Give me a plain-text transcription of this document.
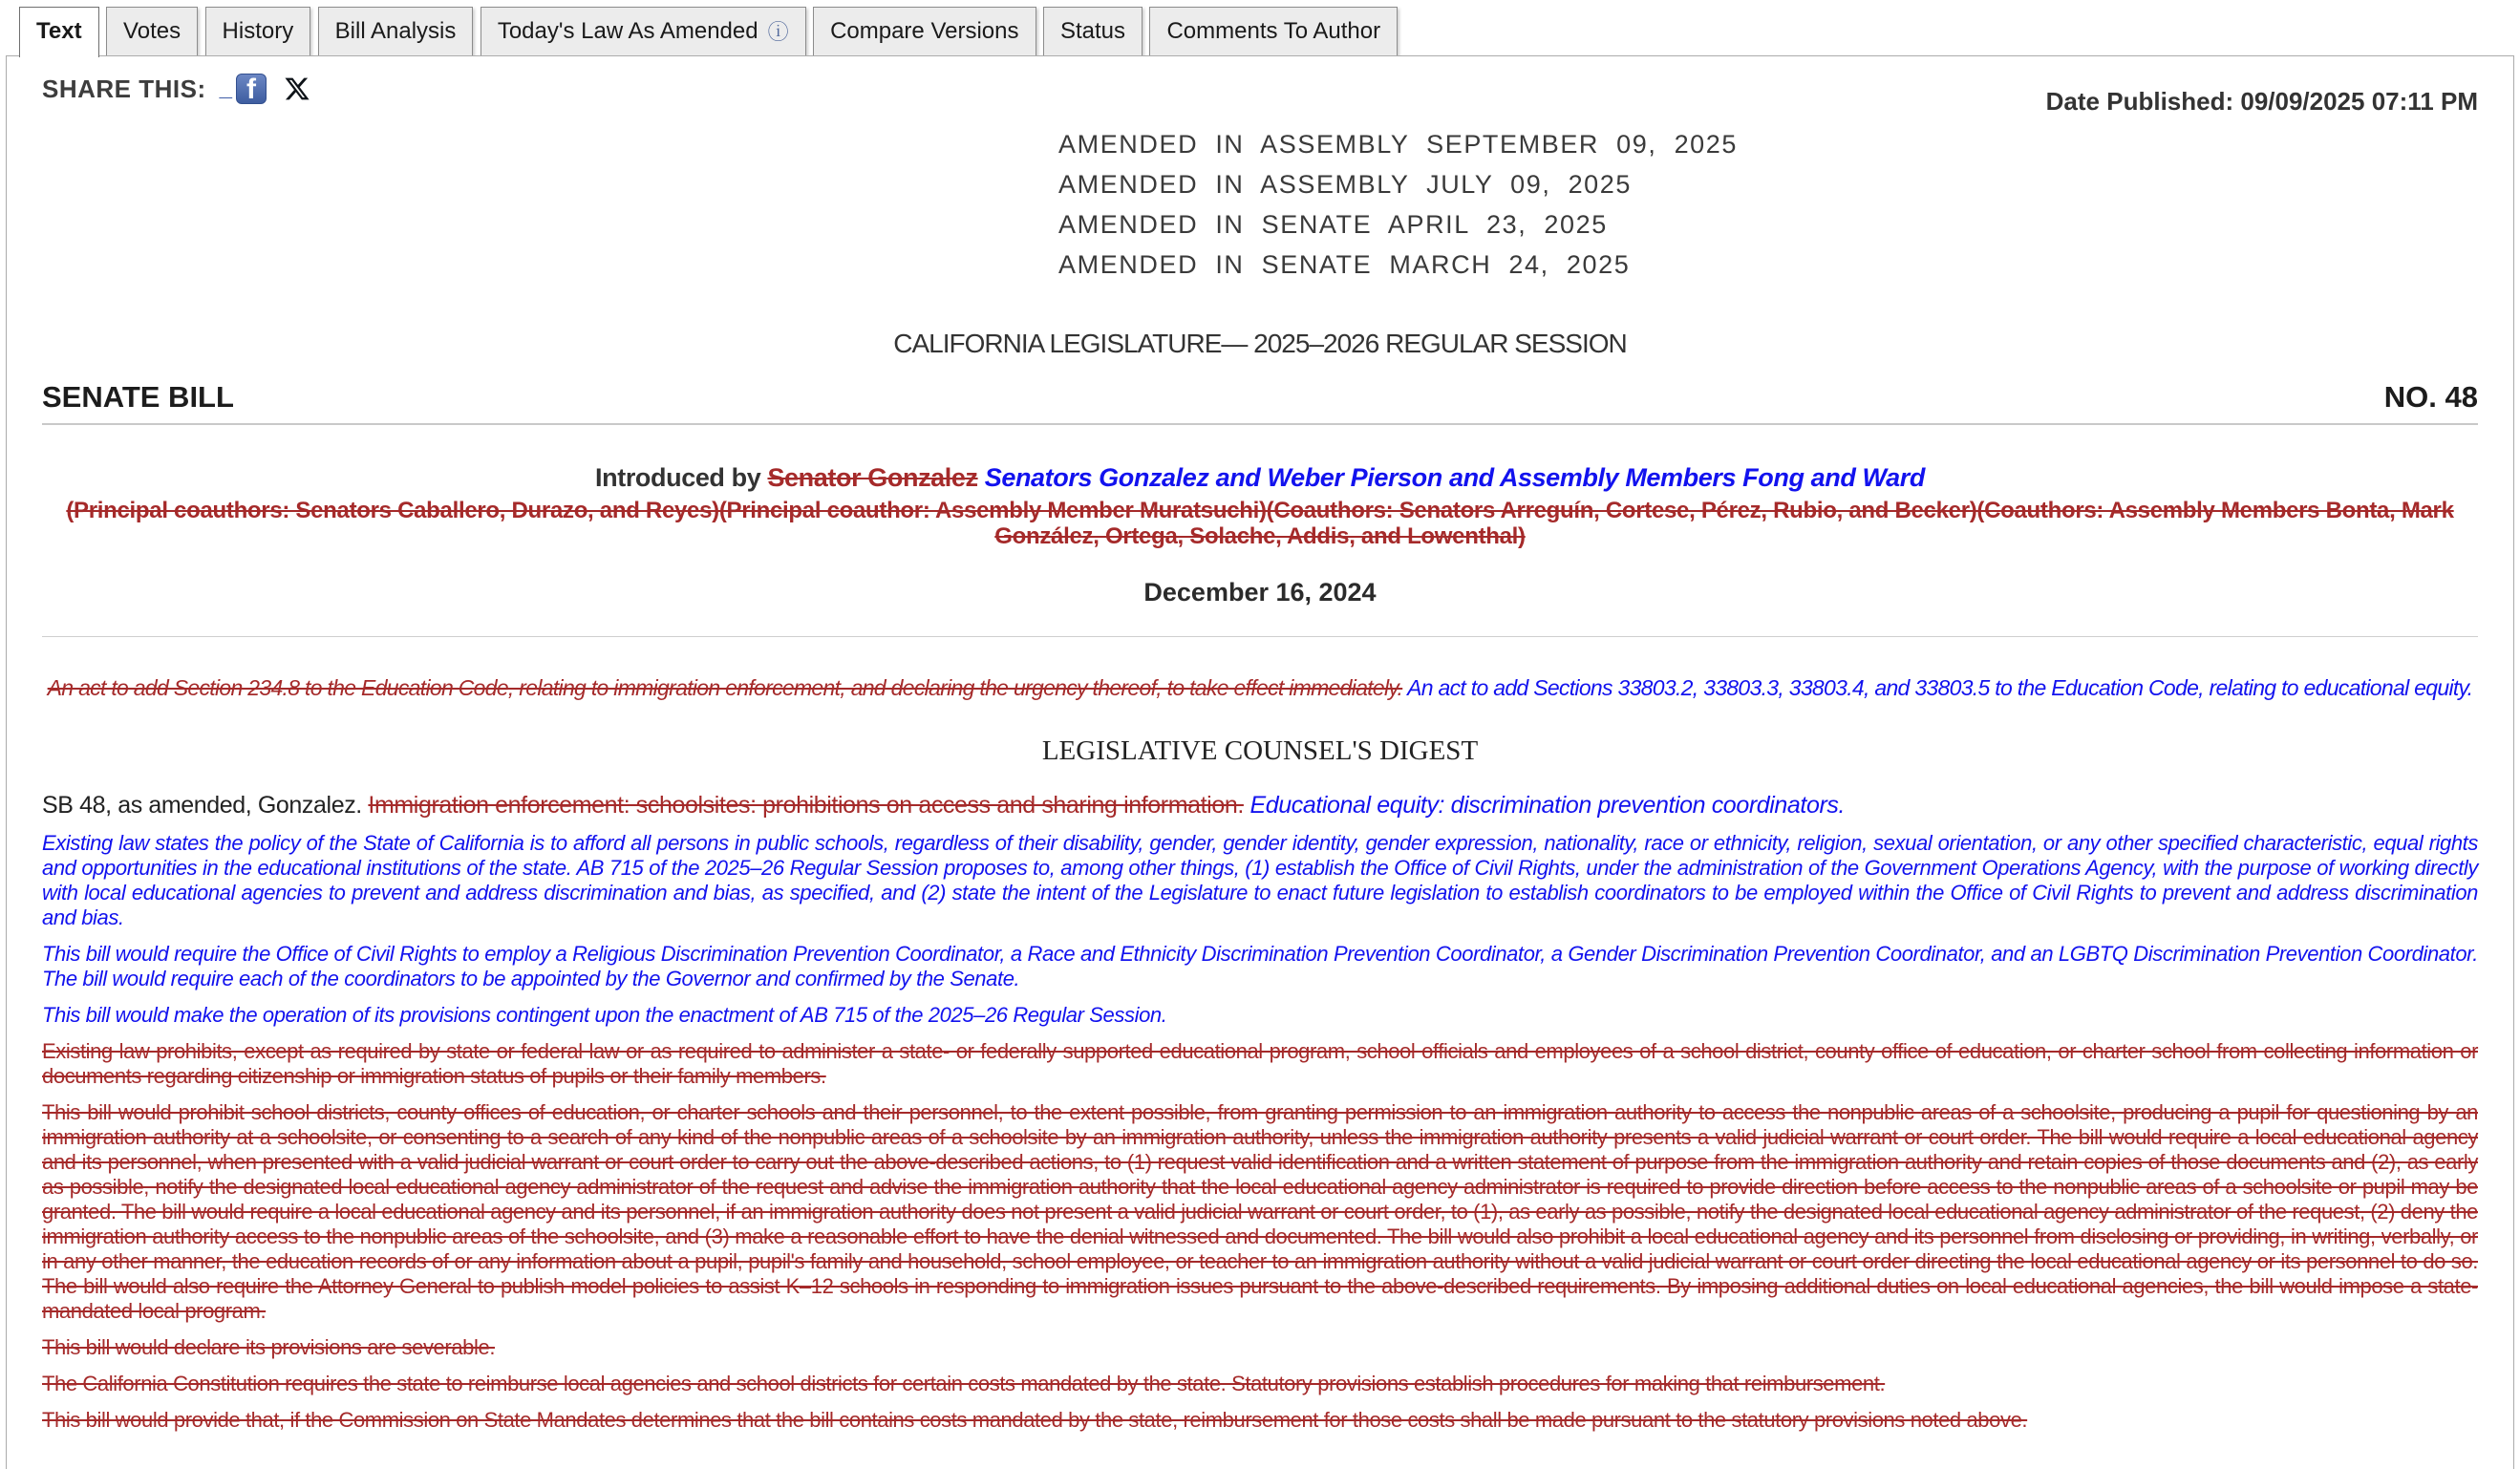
Text Votes History Bill Analysis Today's Law As Amended ⓘ Compare Versions Status Comments To Author
SHARE THIS: _ f	Date Published: 09/09/2025 07:11 PM
AMENDED IN ASSEMBLY SEPTEMBER 09, 2025
AMENDED IN ASSEMBLY JULY 09, 2025
AMENDED IN SENATE APRIL 23, 2025
AMENDED IN SENATE MARCH 24, 2025
CALIFORNIA LEGISLATURE— 2025–2026 REGULAR SESSION
SENATE BILL	NO. 48
Introduced by Senator Gonzalez Senators Gonzalez and Weber Pierson and Assembly Members Fong and Ward
(Principal coauthors: Senators Caballero, Durazo, and Reyes)(Principal coauthor: Assembly Member Muratsuchi)(Coauthors: Senators Arreguín, Cortese, Pérez, Rubio, and Becker)(Coauthors: Assembly Members Bonta, Mark González, Ortega, Solache, Addis, and Lowenthal)
December 16, 2024
An act to add Section 234.8 to the Education Code, relating to immigration enforcement, and declaring the urgency thereof, to take effect immediately. An act to add Sections 33803.2, 33803.3, 33803.4, and 33803.5 to the Education Code, relating to educational equity.
LEGISLATIVE COUNSEL'S DIGEST
SB 48, as amended, Gonzalez. Immigration enforcement: schoolsites: prohibitions on access and sharing information. Educational equity: discrimination prevention coordinators.

Existing law states the policy of the State of California is to afford all persons in public schools, regardless of their disability, gender, gender identity, gender expression, nationality, race or ethnicity, religion, sexual orientation, or any other specified characteristic, equal rights and opportunities in the educational institutions of the state. AB 715 of the 2025–26 Regular Session proposes to, among other things, (1) establish the Office of Civil Rights, under the administration of the Government Operations Agency, with the purpose of working directly with local educational agencies to prevent and address discrimination and bias, as specified, and (2) state the intent of the Legislature to enact future legislation to establish coordinators to be employed within the Office of Civil Rights to prevent and address discrimination and bias.

This bill would require the Office of Civil Rights to employ a Religious Discrimination Prevention Coordinator, a Race and Ethnicity Discrimination Prevention Coordinator, a Gender Discrimination Prevention Coordinator, and an LGBTQ Discrimination Prevention Coordinator. The bill would require each of the coordinators to be appointed by the Governor and confirmed by the Senate.

This bill would make the operation of its provisions contingent upon the enactment of AB 715 of the 2025–26 Regular Session.

Existing law prohibits, except as required by state or federal law or as required to administer a state- or federally supported educational program, school officials and employees of a school district, county office of education, or charter school from collecting information or documents regarding citizenship or immigration status of pupils or their family members.

This bill would prohibit school districts, county offices of education, or charter schools and their personnel, to the extent possible, from granting permission to an immigration authority to access the nonpublic areas of a schoolsite, producing a pupil for questioning by an immigration authority at a schoolsite, or consenting to a search of any kind of the nonpublic areas of a schoolsite by an immigration authority, unless the immigration authority presents a valid judicial warrant or court order. The bill would require a local educational agency and its personnel, when presented with a valid judicial warrant or court order to carry out the above-described actions, to (1) request valid identification and a written statement of purpose from the immigration authority and retain copies of those documents and (2), as early as possible, notify the designated local educational agency administrator of the request and advise the immigration authority that the local educational agency administrator is required to provide direction before access to the nonpublic areas of a schoolsite or pupil may be granted. The bill would require a local educational agency and its personnel, if an immigration authority does not present a valid judicial warrant or court order, to (1), as early as possible, notify the designated local educational agency administrator of the request, (2) deny the immigration authority access to the nonpublic areas of the schoolsite, and (3) make a reasonable effort to have the denial witnessed and documented. The bill would also prohibit a local educational agency and its personnel from disclosing or providing, in writing, verbally, or in any other manner, the education records of or any information about a pupil, pupil's family and household, school employee, or teacher to an immigration authority without a valid judicial warrant or court order directing the local educational agency or its personnel to do so. The bill would also require the Attorney General to publish model policies to assist K–12 schools in responding to immigration issues pursuant to the above-described requirements. By imposing additional duties on local educational agencies, the bill would impose a state-mandated local program.

This bill would declare its provisions are severable.

The California Constitution requires the state to reimburse local agencies and school districts for certain costs mandated by the state. Statutory provisions establish procedures for making that reimbursement.

This bill would provide that, if the Commission on State Mandates determines that the bill contains costs mandated by the state, reimbursement for those costs shall be made pursuant to the statutory provisions noted above.
